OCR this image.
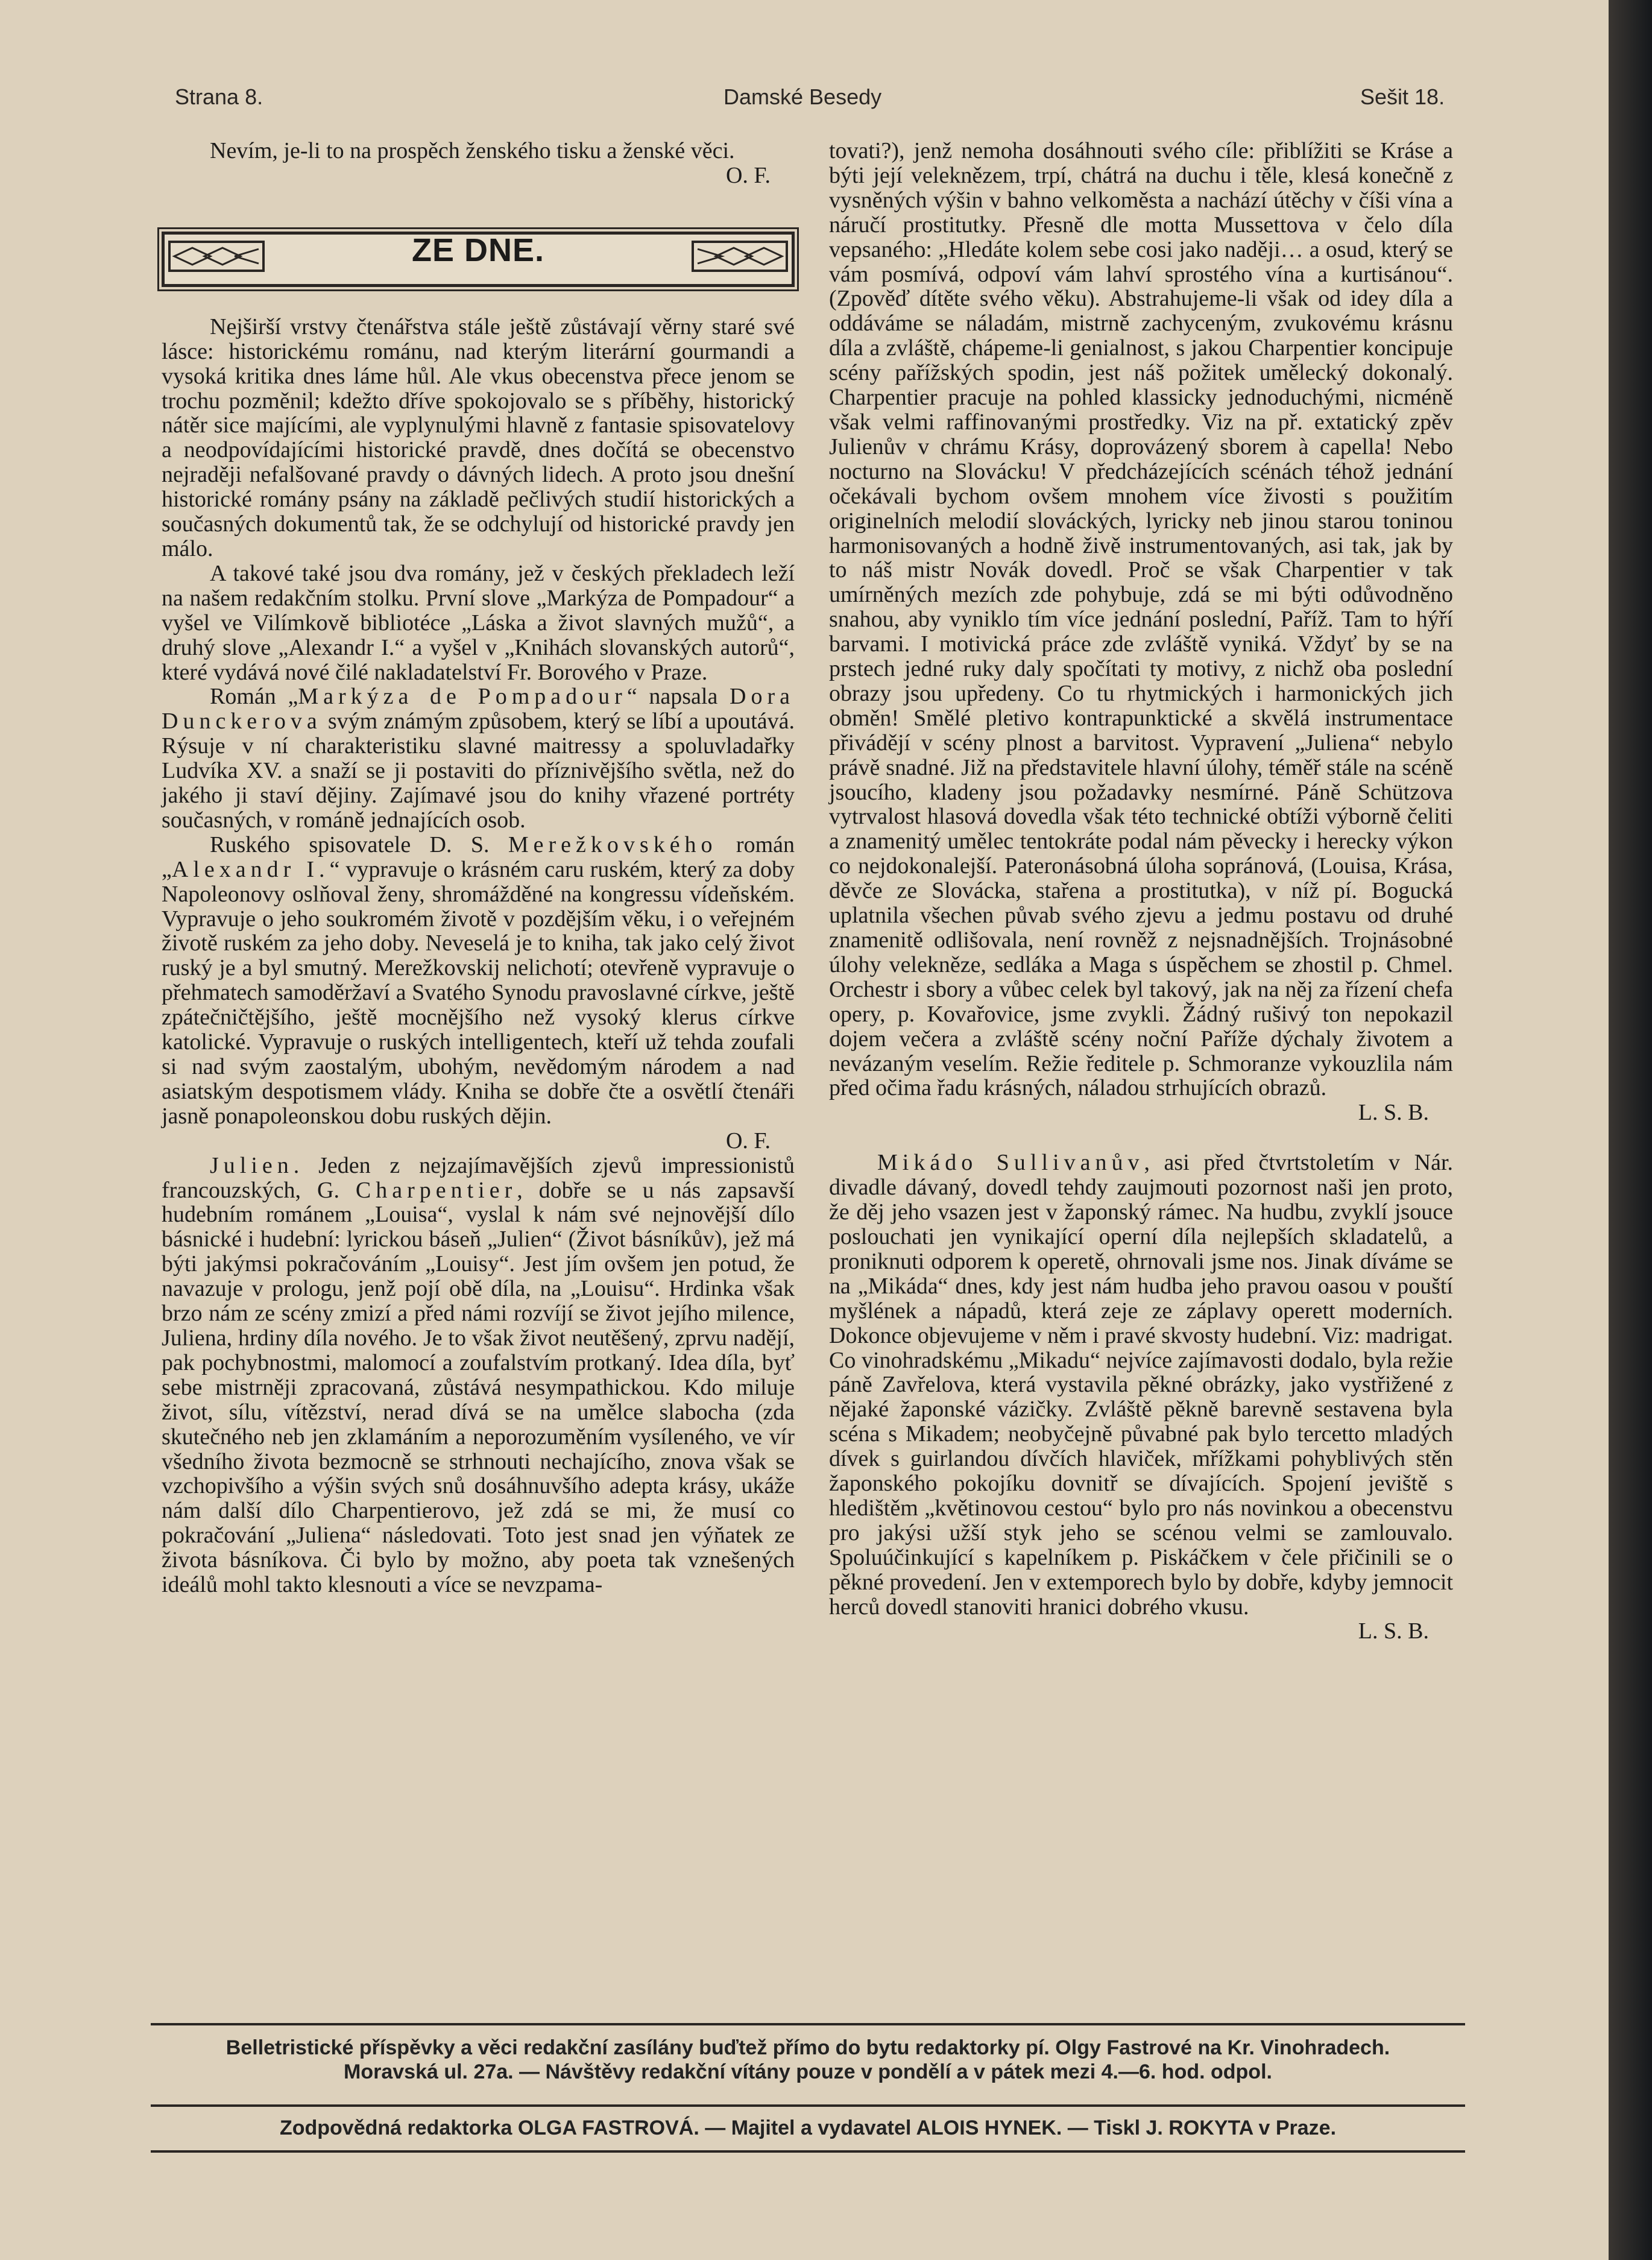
Strana 8.	Damské Besedy	Sešit 18.

Nevím, je-li to na prospěch ženského tisku a ženské věci.

O. F.

ZE DNE.

Nejširší vrstvy čtenářstva stále ještě zůstávají věrny staré své lásce: historickému románu, nad kterým literární gourmandi a vysoká kritika dnes láme hůl. Ale vkus obecenstva přece jenom se trochu pozměnil; kdežto dříve spokojovalo se s příběhy, historický nátěr sice majícími, ale vyplynulými hlavně z fantasie spisovatelovy a neodpovídajícími historické pravdě, dnes dočítá se obecenstvo nejraději nefalšované pravdy o dávných lidech. A proto jsou dnešní historické romány psány na základě pečlivých studií historických a současných dokumentů tak, že se odchylují od historické pravdy jen málo.

A takové také jsou dva romány, jež v českých překladech leží na našem redakčním stolku. První slove „Markýza de Pompadour“ a vyšel ve Vilímkově bibliotéce „Láska a život slavných mužů“, a druhý slove „Alexandr I.“ a vyšel v „Knihách slovanských autorů“, které vydává nové čilé nakladatelství Fr. Borového v Praze.

Román „Markýza de Pompadour“ napsala Dora Dunckerova svým známým způsobem, který se líbí a upoutává. Rýsuje v ní charakteristiku slavné maitressy a spoluvladařky Ludvíka XV. a snaží se ji postaviti do příznivějšího světla, než do jakého ji staví dějiny. Zajímavé jsou do knihy vřazené portréty současných, v románě jednajících osob.

Ruského spisovatele D. S. Merežkovského román „Alexandr I.“ vypravuje o krásném caru ruském, který za doby Napoleonovy oslňoval ženy, shromážděné na kongressu vídeňském. Vypravuje o jeho soukromém životě v pozdějším věku, i o veřejném životě ruském za jeho doby. Neveselá je to kniha, tak jako celý život ruský je a byl smutný. Merežkovskij nelichotí; otevřeně vypravuje o přehmatech samoděržaví a Svatého Synodu pravoslavné církve, ještě zpátečničtějšího, ještě mocnějšího než vysoký klerus církve katolické. Vypravuje o ruských intelligentech, kteří už tehda zoufali si nad svým zaostalým, ubohým, nevědomým národem a nad asiatským despotismem vlády. Kniha se dobře čte a osvětlí čtenáři jasně ponapoleonskou dobu ruských dějin.

O. F.

Julien. Jeden z nejzajímavějších zjevů impressionistů francouzských, G. Charpentier, dobře se u nás zapsavší hudebním románem „Louisa“, vyslal k nám své nejnovější dílo básnické i hudební: lyrickou báseň „Julien“ (Život básníkův), jež má býti jakýmsi pokračováním „Louisy“. Jest jím ovšem jen potud, že navazuje v prologu, jenž pojí obě díla, na „Louisu“. Hrdinka však brzo nám ze scény zmizí a před námi rozvíjí se život jejího milence, Juliena, hrdiny díla nového. Je to však život neutěšený, zprvu nadějí, pak pochybnostmi, malomocí a zoufalstvím protkaný. Idea díla, byť sebe mistrněji zpracovaná, zůstává nesympathickou. Kdo miluje život, sílu, vítězství, nerad dívá se na umělce slabocha (zda skutečného neb jen zklamáním a neporozuměním vysíleného, ve vír všedního života bezmocně se strhnouti nechajícího, znova však se vzchopivšího a výšin svých snů dosáhnuvšího adepta krásy, ukáže nám další dílo Charpentierovo, jež zdá se mi, že musí co pokračování „Juliena“ následovati. Toto jest snad jen výňatek ze života básníkova. Či bylo by možno, aby poeta tak vznešených ideálů mohl takto klesnouti a více se nevzpama-

tovati?), jenž nemoha dosáhnouti svého cíle: přiblížiti se Kráse a býti její veleknězem, trpí, chátrá na duchu i těle, klesá konečně z vysněných výšin v bahno velkoměsta a nachází útěchy v číši vína a náručí prostitutky. Přesně dle motta Mussettova v čelo díla vepsaného: „Hledáte kolem sebe cosi jako naději… a osud, který se vám posmívá, odpoví vám lahví sprostého vína a kurtisánou“. (Zpověď dítěte svého věku). Abstrahujeme-li však od idey díla a oddáváme se náladám, mistrně zachyceným, zvukovému krásnu díla a zvláště, chápeme-li genialnost, s jakou Charpentier koncipuje scény pařížských spodin, jest náš požitek umělecký dokonalý. Charpentier pracuje na pohled klassicky jednoduchými, nicméně však velmi raffinovanými prostředky. Viz na př. extatický zpěv Julienův v chrámu Krásy, doprovázený sborem à capella! Nebo nocturno na Slovácku! V předcházejících scénách téhož jednání očekávali bychom ovšem mnohem více živosti s použitím originelních melodií slováckých, lyricky neb jinou starou toninou harmonisovaných a hodně živě instrumentovaných, asi tak, jak by to náš mistr Novák dovedl. Proč se však Charpentier v tak umírněných mezích zde pohybuje, zdá se mi býti odůvodněno snahou, aby vyniklo tím více jednání poslední, Paříž. Tam to hýří barvami. I motivická práce zde zvláště vyniká. Vždyť by se na prstech jedné ruky daly spočítati ty motivy, z nichž oba poslední obrazy jsou upředeny. Co tu rhytmických i harmonických jich obměn! Smělé pletivo kontrapunktické a skvělá instrumentace přivádějí v scény plnost a barvitost. Vypravení „Juliena“ nebylo právě snadné. Již na představitele hlavní úlohy, téměř stále na scéně jsoucího, kladeny jsou požadavky nesmírné. Páně Schützova vytrvalost hlasová dovedla však této technické obtíži výborně čeliti a znamenitý umělec tentokráte podal nám pěvecky i herecky výkon co nejdokonalejší. Pateronásobná úloha sopránová, (Louisa, Krása, děvče ze Slovácka, stařena a prostitutka), v níž pí. Bogucká uplatnila všechen půvab svého zjevu a jedmu postavu od druhé znamenitě odlišovala, není rovněž z nejsnadnějších. Trojnásobné úlohy velekněze, sedláka a Maga s úspěchem se zhostil p. Chmel. Orchestr i sbory a vůbec celek byl takový, jak na něj za řízení chefa opery, p. Kovařovice, jsme zvykli. Žádný rušivý ton nepokazil dojem večera a zvláště scény noční Paříže dýchaly životem a nevázaným veselím. Režie ředitele p. Schmoranze vykouzlila nám před očima řadu krásných, náladou strhujících obrazů.

L. S. B.

Mikádo Sullivanův, asi před čtvrtstoletím v Nár. divadle dávaný, dovedl tehdy zaujmouti pozornost naši jen proto, že děj jeho vsazen jest v žaponský rámec. Na hudbu, zvyklí jsouce poslouchati jen vynikající operní díla nejlepších skladatelů, a proniknuti odporem k operetě, ohrnovali jsme nos. Jinak díváme se na „Mikáda“ dnes, kdy jest nám hudba jeho pravou oasou v pouští myšlének a nápadů, která zeje ze záplavy operett moderních. Dokonce objevujeme v něm i pravé skvosty hudební. Viz: madrigat. Co vinohradskému „Mikadu“ nejvíce zajímavosti dodalo, byla režie páně Zavřelova, která vystavila pěkné obrázky, jako vystřižené z nějaké žaponské vázičky. Zvláště pěkně barevně sestavena byla scéna s Mikadem; neobyčejně půvabné pak bylo tercetto mladých dívek s guirlandou dívčích hlaviček, mřížkami pohyblivých stěn žaponského pokojíku dovnitř se dívajících. Spojení jeviště s hledištěm „květinovou cestou“ bylo pro nás novinkou a obecenstvu pro jakýsi užší styk jeho se scénou velmi se zamlouvalo. Spoluúčinkující s kapelníkem p. Piskáčkem v čele přičinili se o pěkné provedení. Jen v extemporech bylo by dobře, kdyby jemnocit herců dovedl stanoviti hranici dobrého vkusu.

L. S. B.

Belletristické příspěvky a věci redakční zasílány buďtež přímo do bytu redaktorky pí. Olgy Fastrové na Kr. Vinohradech.
Moravská ul. 27a. — Návštěvy redakční vítány pouze v pondělí a v pátek mezi 4.—6. hod. odpol.
Zodpovědná redaktorka OLGA FASTROVÁ. — Majitel a vydavatel ALOIS HYNEK. — Tiskl J. ROKYTA v Praze.
